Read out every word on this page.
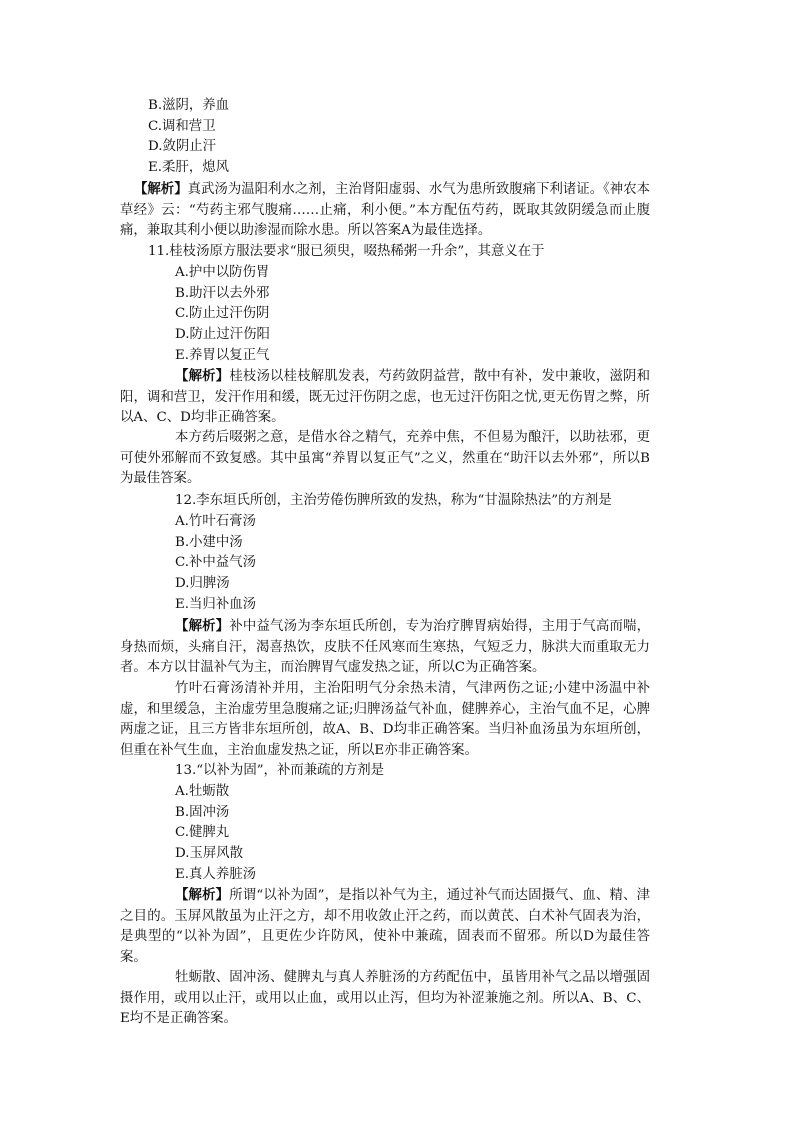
B.滋阴，养血
C.调和营卫
D.敛阴止汗
E.柔肝，熄风

【解析】真武汤为温阳利水之剂，主治肾阳虚弱、水气为患所致腹痛下利诸证。《神农本草经》云：“芍药主邪气腹痛……止痛，利小便。”本方配伍芍药，既取其敛阴缓急而止腹痛，兼取其利小便以助渗湿而除水患。所以答案A为最佳选择。

11.桂枝汤原方服法要求“服已须臾，啜热稀粥一升余”，其意义在于
A.护中以防伤胃
B.助汗以去外邪
C.防止过汗伤阴
D.防止过汗伤阳
E.养胃以复正气

【解析】桂枝汤以桂枝解肌发表，芍药敛阴益营，散中有补，发中兼收，滋阴和阳，调和营卫，发汗作用和缓，既无过汗伤阴之虑，也无过汗伤阳之忧,更无伤胃之弊，所以A、C、D均非正确答案。

本方药后啜粥之意，是借水谷之精气，充养中焦，不但易为酿汗，以助祛邪，更可使外邪解而不致复感。其中虽寓“养胃以复正气”之义，然重在“助汗以去外邪”，所以B为最佳答案。

12.李东垣氏所创，主治劳倦伤脾所致的发热，称为“甘温除热法”的方剂是
A.竹叶石膏汤
B.小建中汤
C.补中益气汤
D.归脾汤
E.当归补血汤

【解析】补中益气汤为李东垣氏所创，专为治疗脾胃病始得，主用于气高而喘，身热而烦，头痛自汗，渴喜热饮，皮肤不任风寒而生寒热，气短乏力，脉洪大而重取无力者。本方以甘温补气为主，而治脾胃气虚发热之证，所以C为正确答案。

竹叶石膏汤清补并用，主治阳明气分余热未清，气津两伤之证;小建中汤温中补虚，和里缓急，主治虚劳里急腹痛之证;归脾汤益气补血，健脾养心，主治气血不足，心脾两虚之证，且三方皆非东垣所创，故A、B、D均非正确答案。当归补血汤虽为东垣所创，但重在补气生血，主治血虚发热之证，所以E亦非正确答案。

13.“以补为固”，补而兼疏的方剂是
A.牡蛎散
B.固冲汤
C.健脾丸
D.玉屏风散
E.真人养脏汤

【解析】所谓“以补为固”，是指以补气为主，通过补气而达固摄气、血、精、津之目的。玉屏风散虽为止汗之方，却不用收敛止汗之药，而以黄芪、白术补气固表为治，是典型的“以补为固”，且更佐少许防风，使补中兼疏，固表而不留邪。所以D为最佳答案。

牡蛎散、固冲汤、健脾丸与真人养脏汤的方药配伍中，虽皆用补气之品以增强固摄作用，或用以止汗，或用以止血，或用以止泻，但均为补涩兼施之剂。所以A、B、C、E均不是正确答案。
